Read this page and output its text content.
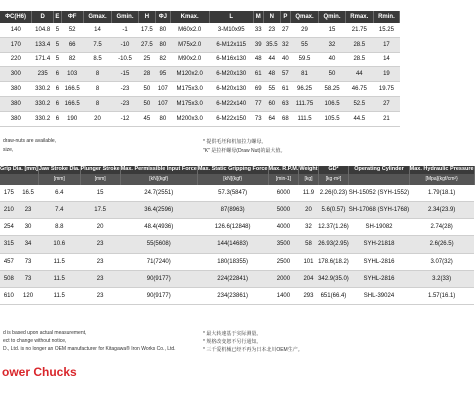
ΦC(H6)	D	E	ΦF	Gmax.	Gmin.	H	ΦJ	Kmax.	L	M	N	P	Qmax.	Qmin.	Rmax.	Rmin.
140	104.8	5	52	14	-1	17.5	80	M60x2.0	3-M10x95	33	23	27	29	15	21.75	15.25
170	133.4	5	66	7.5	-10	27.5	80	M75x2.0	6-M12x115	39	35.5	32	55	32	28.5	17
220	171.4	5	82	8.5	-10.5	25	82	M90x2.0	6-M16x130	48	44	40	59.5	40	28.5	14
300	235	6	103	8	-15	28	95	M120x2.0	6-M20x130	61	48	57	81	50	44	19
380	330.2	6	166.5	8	-23	50	107	M175x3.0	6-M20x130	69	55	61	96.25	58.25	46.75	19.75
380	330.2	6	166.5	8	-23	50	107	M175x3.0	6-M22x140	77	60	63	111.75	106.5	52.5	27
380	330.2	6	190	20	-12	45	80	M200x3.0	6-M22x150	73	64	68	111.5	105.5	44.5	21
draw-nuts are available,
size,
* 提供毛坯和机加拉力螺母。
"K" 是拉杆螺母(Draw Nut)的最大值。
Grip Dia. [mm]		Jaw Stroke Dia.	Plunger Stroke	Max. Permissible Input Force	Max. Static Gripping Force	Max. R.P.M.	Weight	GD²	Operating Cylinder	Max. Hydraulic Pressure
		[mm]	[mm]	[kN]{kgf}	[kN]{kgf}	[min-1]	[kg]	[kg·m²]		[Mpa]{kgf/cm²}
175	16.5	6.4	15	24.7(2551)	57.3(5847)	6000	11.9	2.26(0.23)	SH-15052 (SYH-1552)	1.79(18.1)
210	23	7.4	17.5	36.4(2596)	87(8963)	5000	20	5.6(0.57)	SH-17068 (SYH-1768)	2.34(23.9)
254	30	8.8	20	48.4(4936)	126.6(12848)	4000	32	12.37(1.26)	SH-19082	2.74(28)
315	34	10.6	23	55(5608)	144(14683)	3500	58	26.93(2.95)	SYH-21818	2.6(26.5)
457	73	11.5	23	71(7240)	180(18355)	2500	101	178.6(18.2)	SYHL-2816	3.07(32)
508	73	11.5	23	90(9177)	224(22841)	2000	204	342.9(35.0)	SYHL-2816	3.2(33)
610	120	11.5	23	90(9177)	234(23861)	1400	293	651(66.4)	SHL-39024	1.57(16.1)
d is based upon actual measurement,
ect to change without notice,
D., Ltd. is no longer an OEM manufacturer for Kitagawa® Iron Works Co., Ltd.
* 最大转速基于实际测量。
* 规格改变恕不另行通知。
* 三千爱机械已经不再为日本北川OEM生产。
ower Chucks
